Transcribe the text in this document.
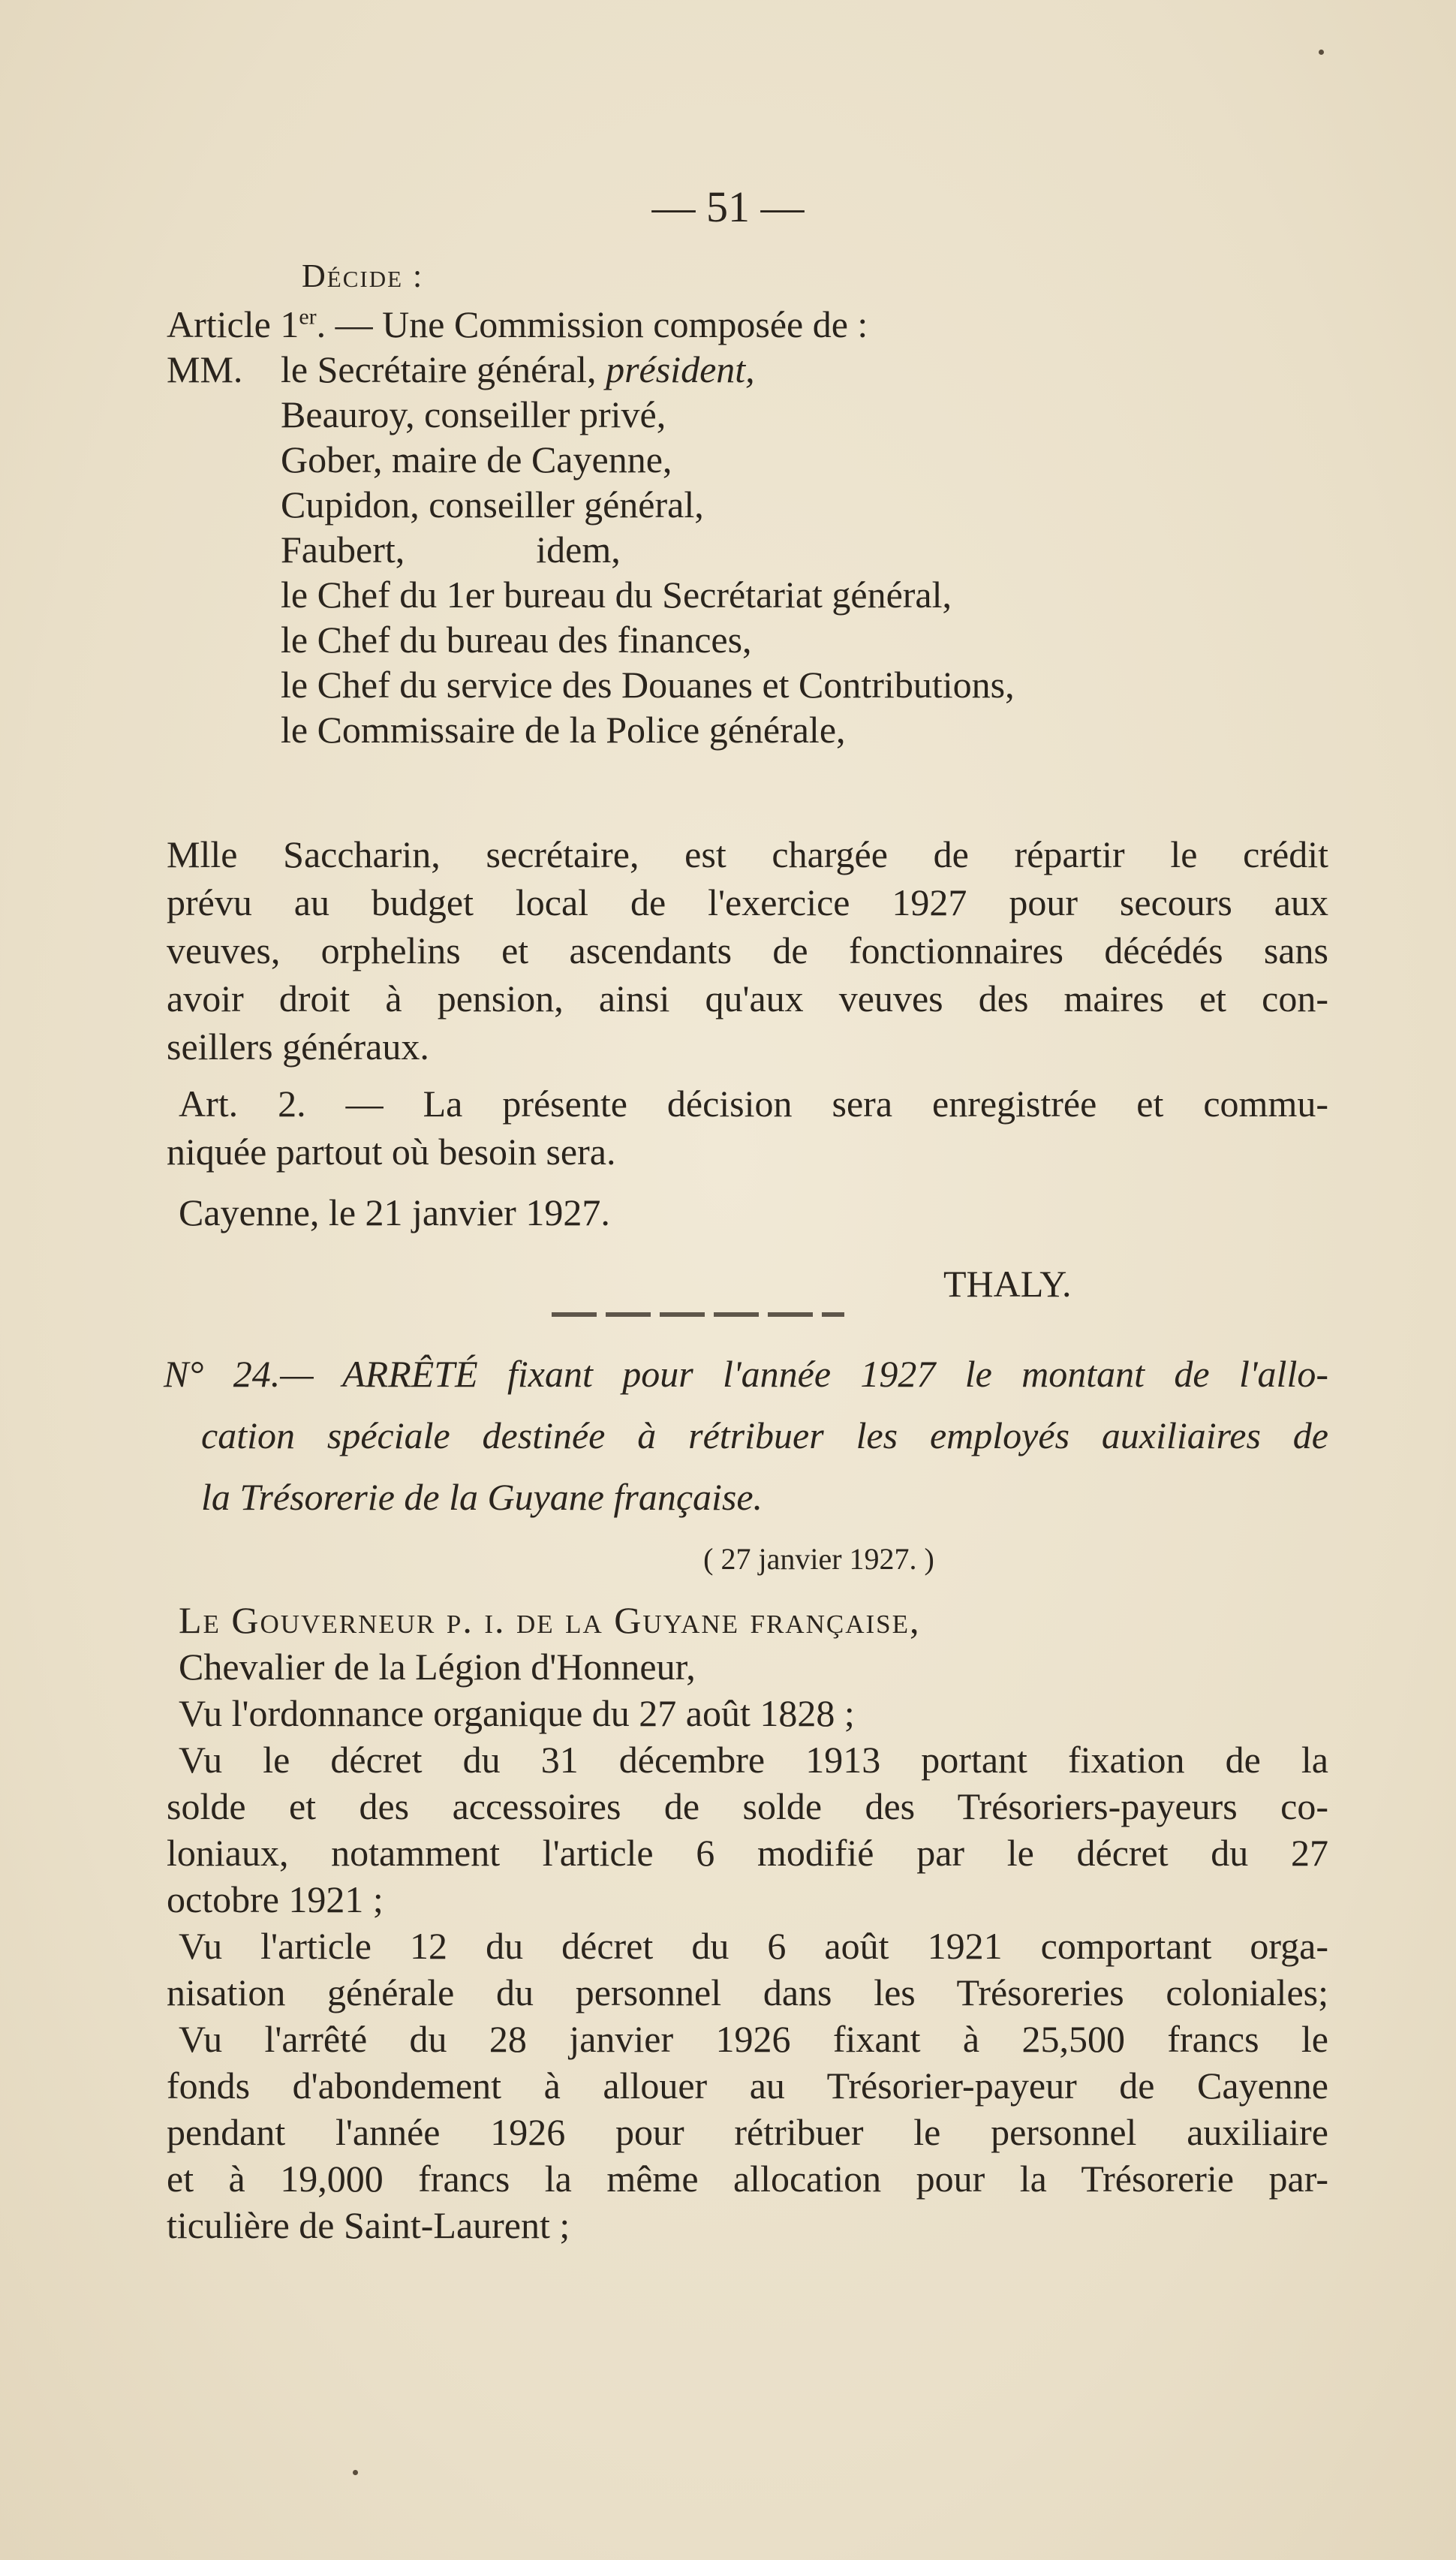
— 51 —
Décide :
Article 1er. — Une Commission composée de :
MM. le Secrétaire général, président,
Beauroy, conseiller privé,
Gober, maire de Cayenne,
Cupidon, conseiller général,
Faubert,              idem,
le Chef du 1er bureau du Secrétariat général,
le Chef du bureau des finances,
le Chef du service des Douanes et Contributions,
le Commissaire de la Police générale,
Mlle Saccharin, secrétaire, est chargée de répartir le crédit
prévu au budget local de l'exercice 1927 pour secours aux
veuves, orphelins et ascendants de fonctionnaires décédés sans
avoir droit à pension, ainsi qu'aux veuves des maires et con-
seillers généraux.
Art. 2. — La présente décision sera enregistrée et commu-
niquée partout où besoin sera.
Cayenne, le 21 janvier 1927.
THALY.
N° 24.— ARRÊTÉ fixant pour l'année 1927 le montant de l'allo-
cation spéciale destinée à rétribuer les employés auxiliaires de
la Trésorerie de la Guyane française.
( 27 janvier 1927. )
Le Gouverneur p. i. de la Guyane française,
Chevalier de la Légion d'Honneur,
Vu l'ordonnance organique du 27 août 1828 ;
Vu le décret du 31 décembre 1913 portant fixation de la
solde et des accessoires de solde des Trésoriers-payeurs co-
loniaux, notamment l'article 6 modifié par le décret du 27
octobre 1921 ;
Vu l'article 12 du décret du 6 août 1921 comportant orga-
nisation générale du personnel dans les Trésoreries coloniales;
Vu l'arrêté du 28 janvier 1926 fixant à 25,500 francs le
fonds d'abondement à allouer au Trésorier-payeur de Cayenne
pendant l'année 1926 pour rétribuer le personnel auxiliaire
et à 19,000 francs la même allocation pour la Trésorerie par-
ticulière de Saint-Laurent ;
